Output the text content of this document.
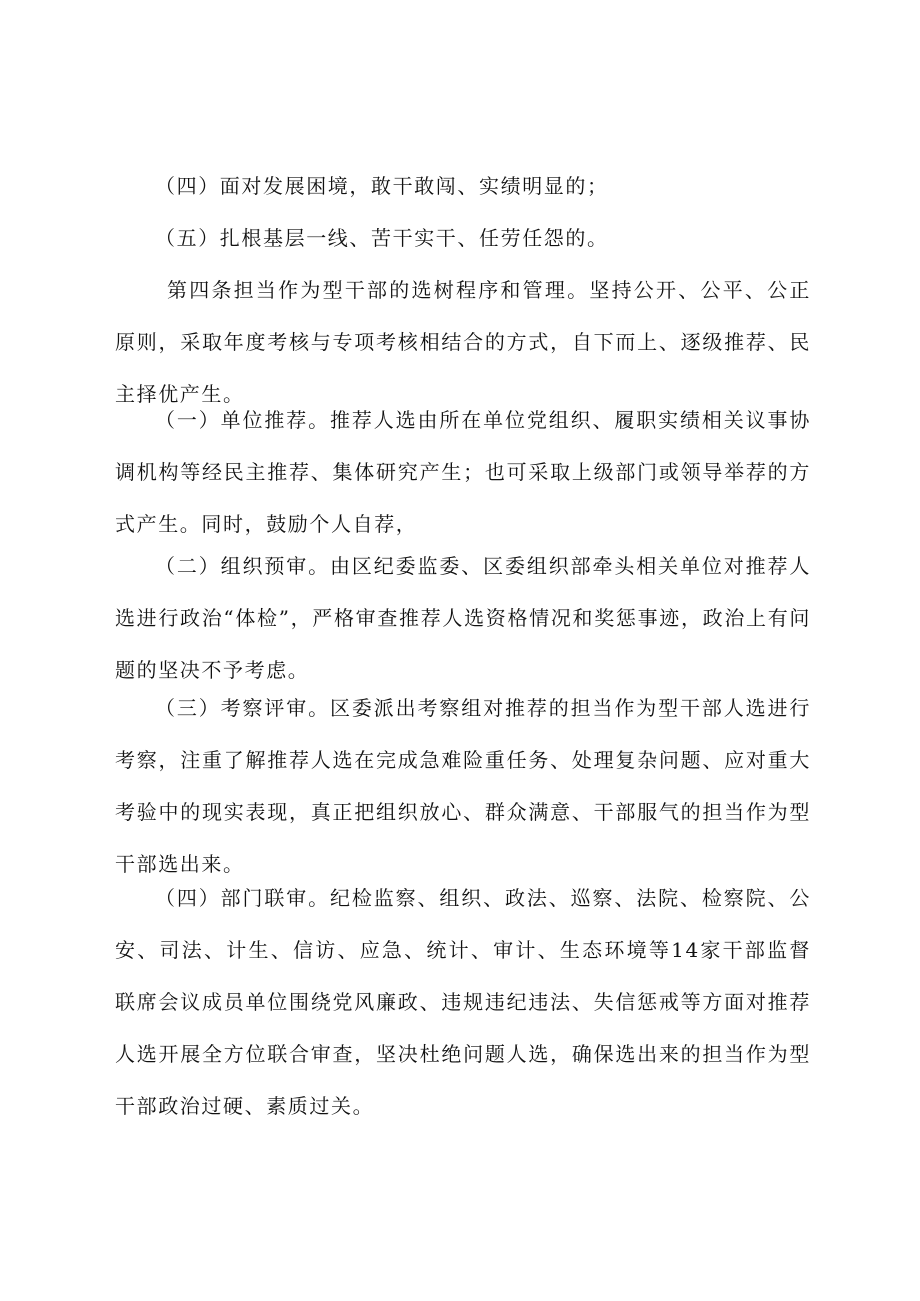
（四）面对发展困境，敢干敢闯、实绩明显的；

（五）扎根基层一线、苦干实干、任劳任怨的。

第四条担当作为型干部的选树程序和管理。坚持公开、公平、公正原则，采取年度考核与专项考核相结合的方式，自下而上、逐级推荐、民主择优产生。

（一）单位推荐。推荐人选由所在单位党组织、履职实绩相关议事协调机构等经民主推荐、集体研究产生；也可采取上级部门或领导举荐的方式产生。同时，鼓励个人自荐，

（二）组织预审。由区纪委监委、区委组织部牵头相关单位对推荐人选进行政治“体检”，严格审查推荐人选资格情况和奖惩事迹，政治上有问题的坚决不予考虑。

（三）考察评审。区委派出考察组对推荐的担当作为型干部人选进行考察，注重了解推荐人选在完成急难险重任务、处理复杂问题、应对重大考验中的现实表现，真正把组织放心、群众满意、干部服气的担当作为型干部选出来。

（四）部门联审。纪检监察、组织、政法、巡察、法院、检察院、公安、司法、计生、信访、应急、统计、审计、生态环境等14家干部监督联席会议成员单位围绕党风廉政、违规违纪违法、失信惩戒等方面对推荐人选开展全方位联合审查，坚决杜绝问题人选，确保选出来的担当作为型干部政治过硬、素质过关。
